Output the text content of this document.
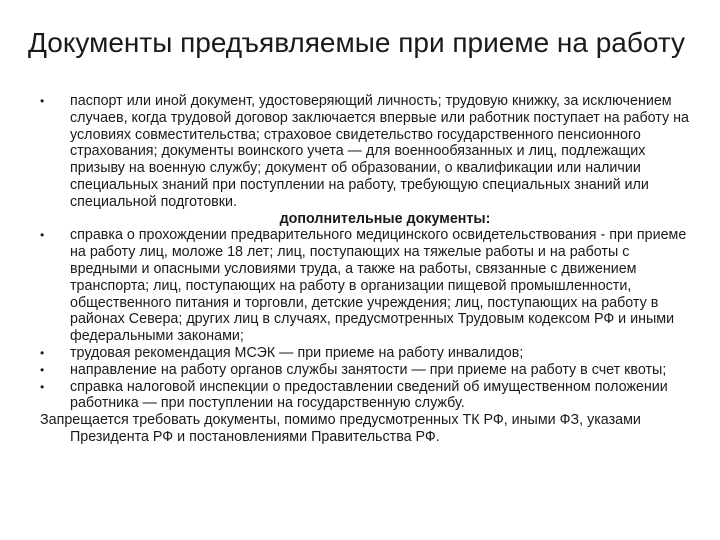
Документы предъявляемые при приеме на работу
•	паспорт или иной документ, удостоверяющий личность; трудовую книжку, за исключением случаев, когда трудовой договор заключается впервые или работник поступает на работу на условиях совместительства; страховое свидетельство государственного пенсионного страхования; документы воинского учета — для военнообязанных и лиц, подлежащих призыву на военную службу; документ об образовании, о квалификации или наличии специальных знаний при поступлении на работу, требующую специальных знаний или специальной подготовки.

дополнительные документы:

•	справка о прохождении предварительного медицинского освидетельствования - при приеме на работу лиц, моложе 18 лет; лиц, поступающих на тяжелые работы и на работы с вредными и опасными условиями труда, а также на работы, связанные с движением транспорта; лиц, поступающих на работу в организации пищевой промышленности, общественного питания и торговли, детские учреждения; лиц, поступающих на работу в районах Севера; других лиц в случаях, предусмотренных Трудовым кодексом РФ и иными федеральными законами;
•	трудовая рекомендация МСЭК — при приеме на работу инвалидов;
•	направление на работу органов службы занятости — при приеме на работу в счет квоты;
•	справка налоговой инспекции о предоставлении сведений об имущественном положении работника — при поступлении на государственную службу.

Запрещается требовать документы, помимо предусмотренных ТК РФ, иными ФЗ, указами Президента РФ и постановлениями Правительства РФ.
